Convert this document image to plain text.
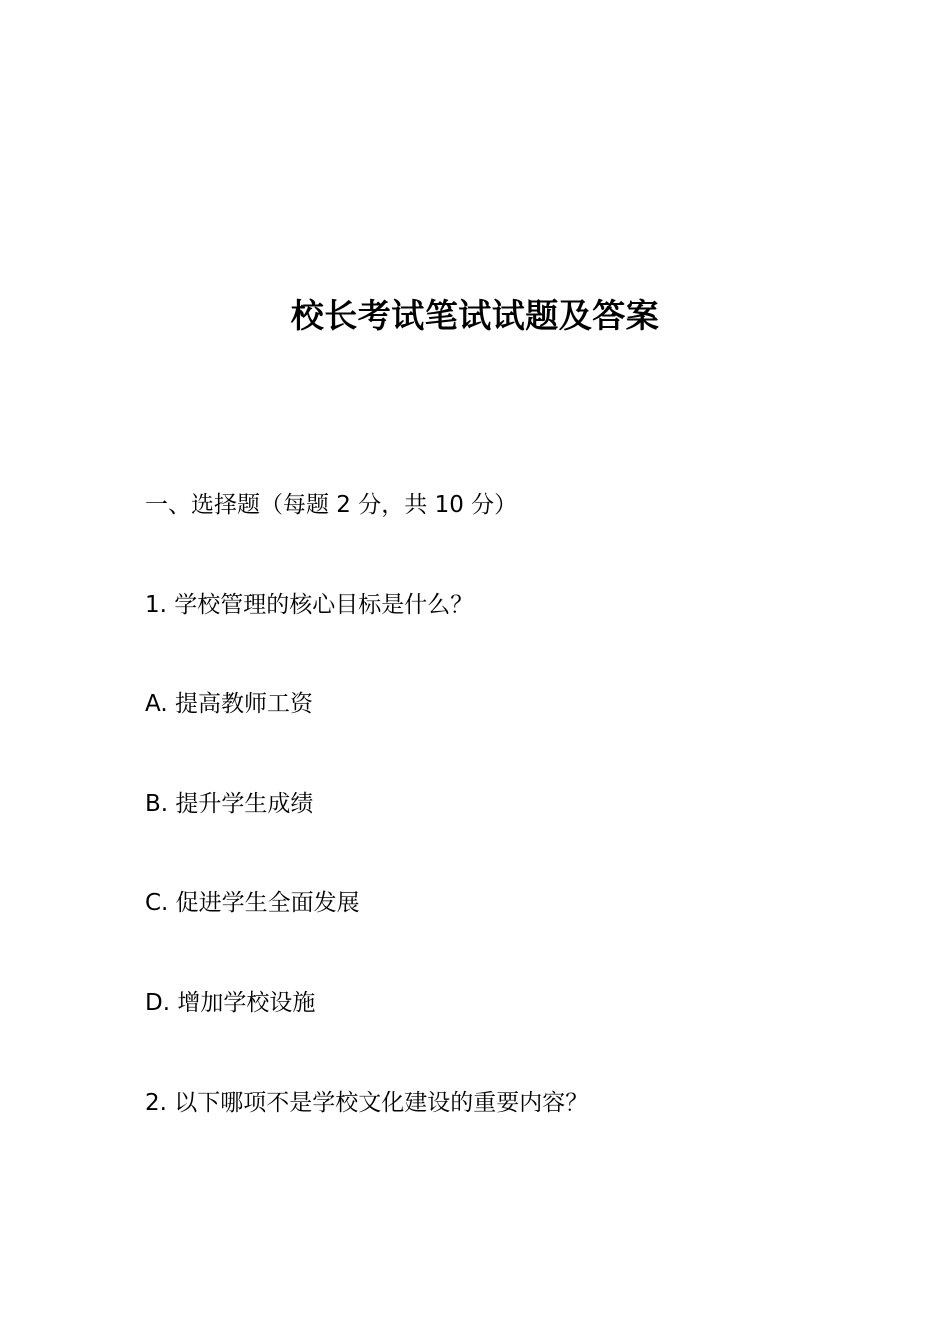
校长考试笔试试题及答案
一、选择题（每题 2 分，共 10 分）
1. 学校管理的核心目标是什么？
A. 提高教师工资
B. 提升学生成绩
C. 促进学生全面发展
D. 增加学校设施
2. 以下哪项不是学校文化建设的重要内容？
